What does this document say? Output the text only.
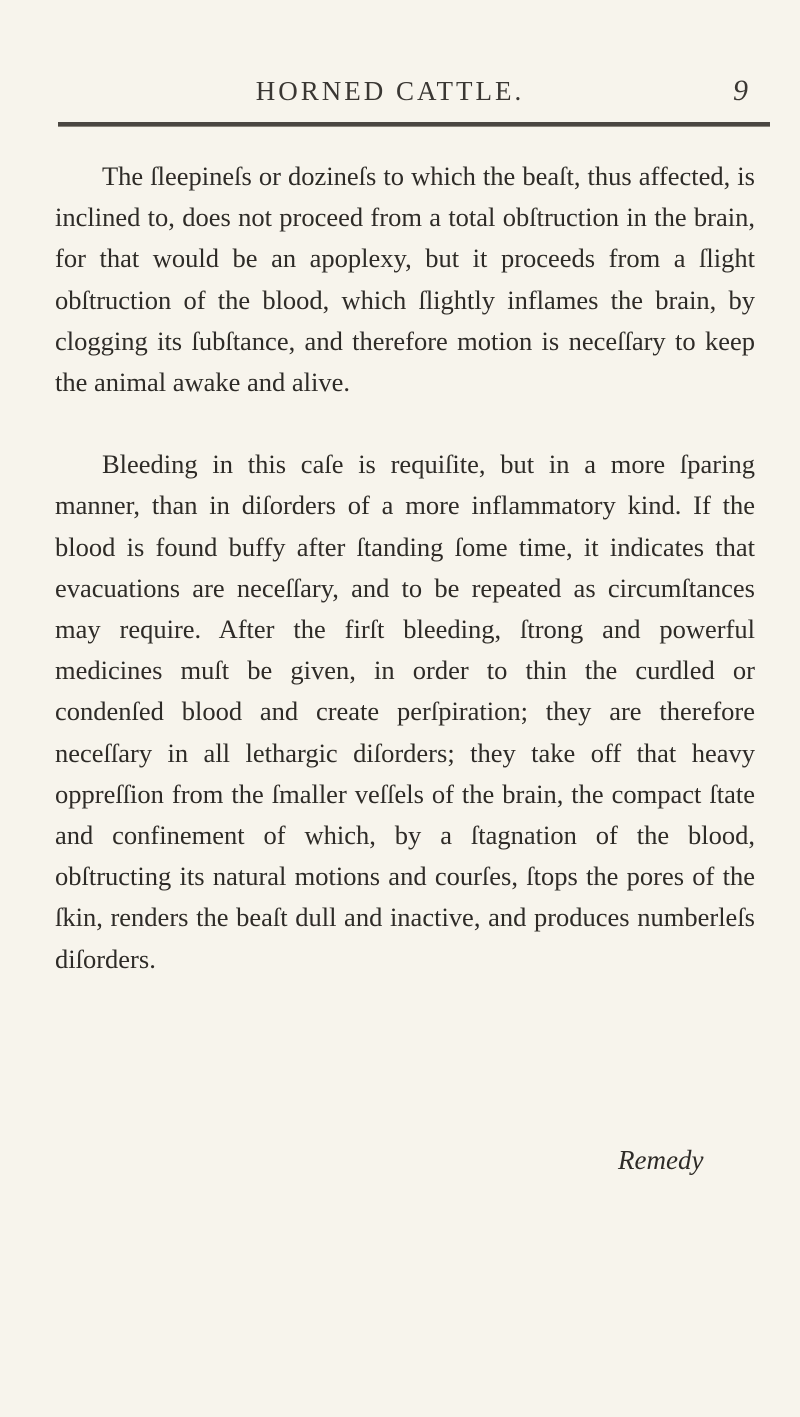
HORNED CATTLE.	9

The ſleepineſs or dozineſs to which the beaſt, thus affected, is inclined to, does not proceed from a total obſtruction in the brain, for that would be an apoplexy, but it proceeds from a ſlight obſtruction of the blood, which ſlightly inflames the brain, by clogging its ſubſtance, and therefore motion is neceſſary to keep the animal awake and alive.

Bleeding in this caſe is requiſite, but in a more ſparing manner, than in diſorders of a more inflammatory kind. If the blood is found buffy after ſtanding ſome time, it indicates that evacuations are neceſſary, and to be repeated as circumſtances may require. After the firſt bleeding, ſtrong and powerful medicines muſt be given, in order to thin the curdled or condenſed blood and create perſpiration; they are therefore neceſſary in all lethargic diſorders; they take off that heavy oppreſſion from the ſmaller veſſels of the brain, the compact ſtate and confinement of which, by a ſtagnation of the blood, obſtructing its natural motions and courſes, ſtops the pores of the ſkin, renders the beaſt dull and inactive, and produces numberleſs diſorders.

Remedy
